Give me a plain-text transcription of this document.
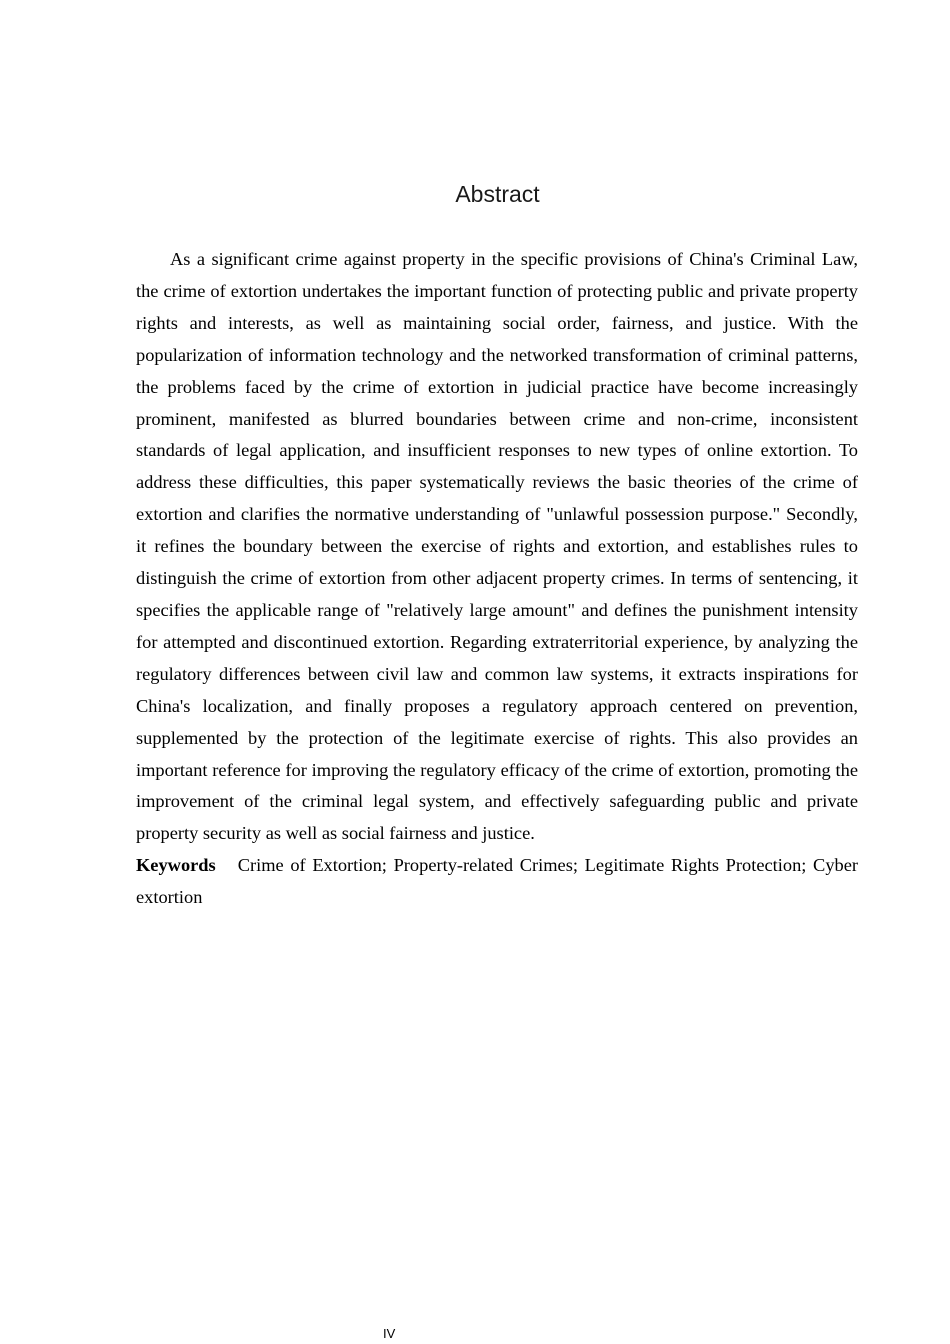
Abstract

As a significant crime against property in the specific provisions of China's Criminal Law, the crime of extortion undertakes the important function of protecting public and private property rights and interests, as well as maintaining social order, fairness, and justice. With the popularization of information technology and the networked transformation of criminal patterns, the problems faced by the crime of extortion in judicial practice have become increasingly prominent, manifested as blurred boundaries between crime and non-crime, inconsistent standards of legal application, and insufficient responses to new types of online extortion. To address these difficulties, this paper systematically reviews the basic theories of the crime of extortion and clarifies the normative understanding of "unlawful possession purpose." Secondly, it refines the boundary between the exercise of rights and extortion, and establishes rules to distinguish the crime of extortion from other adjacent property crimes. In terms of sentencing, it specifies the applicable range of "relatively large amount" and defines the punishment intensity for attempted and discontinued extortion. Regarding extraterritorial experience, by analyzing the regulatory differences between civil law and common law systems, it extracts inspirations for China's localization, and finally proposes a regulatory approach centered on prevention, supplemented by the protection of the legitimate exercise of rights. This also provides an important reference for improving the regulatory efficacy of the crime of extortion, promoting the improvement of the criminal legal system, and effectively safeguarding public and private property security as well as social fairness and justice.

Keywords Crime of Extortion; Property-related Crimes; Legitimate Rights Protection; Cyber extortion

IV
